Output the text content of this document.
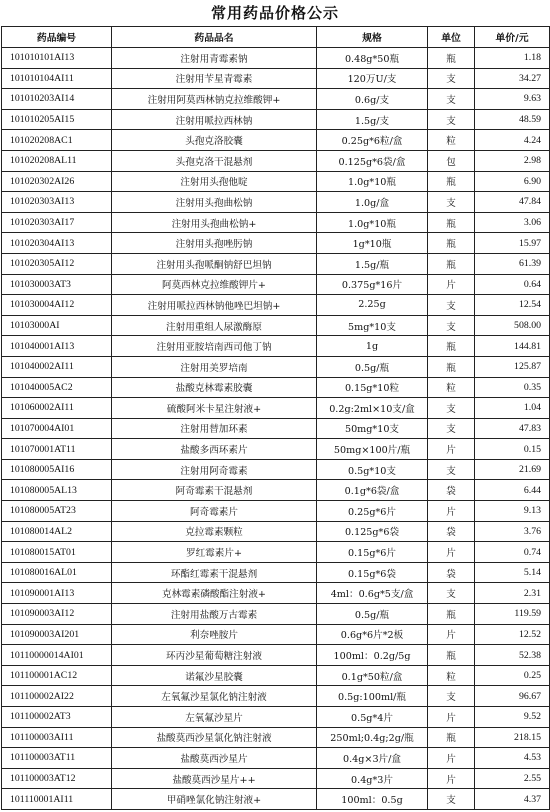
常用药品价格公示
药品编号	药品品名	规格	单位	单价/元
101010101AI13	注射用青霉素钠	0.48g*50瓶	瓶	1.18
101010104AI11	注射用苄星青霉素	120万U/支	支	34.27
101010203AI14	注射用阿莫西林钠克拉维酸钾+	0.6g/支	支	9.63
101010205AI15	注射用哌拉西林钠	1.5g/支	支	48.59
101020208AC1	头孢克洛胶囊	0.25g*6粒/盒	粒	4.24
101020208AL11	头孢克洛干混悬剂	0.125g*6袋/盒	包	2.98
101020302AI26	注射用头孢他啶	1.0g*10瓶	瓶	6.90
101020303AI13	注射用头孢曲松钠	1.0g/盒	支	47.84
101020303AI17	注射用头孢曲松钠+	1.0g*10瓶	瓶	3.06
101020304AI13	注射用头孢唑肟钠	1g*10瓶	瓶	15.97
101020305AI12	注射用头孢哌酮钠舒巴坦钠	1.5g/瓶	瓶	61.39
101030003AT3	阿莫西林克拉维酸钾片+	0.375g*16片	片	0.64
101030004AI12	注射用哌拉西林钠他唑巴坦钠+	2.25g	支	12.54
10103000AI	注射用重组人尿激酶原	5mg*10支	支	508.00
101040001AI13	注射用亚胺培南西司他丁钠	1g	瓶	144.81
101040002AI11	注射用美罗培南	0.5g/瓶	瓶	125.87
101040005AC2	盐酸克林霉素胶囊	0.15g*10粒	粒	0.35
101060002AI11	硫酸阿米卡星注射液+	0.2g:2ml×10支/盒	支	1.04
101070004AI01	注射用替加环素	50mg*10支	支	47.83
101070001AT11	盐酸多西环素片	50mg×100片/瓶	片	0.15
101080005AI16	注射用阿奇霉素	0.5g*10支	支	21.69
101080005AL13	阿奇霉素干混悬剂	0.1g*6袋/盒	袋	6.44
101080005AT23	阿奇霉素片	0.25g*6片	片	9.13
101080014AL2	克拉霉素颗粒	0.125g*6袋	袋	3.76
101080015AT01	罗红霉素片+	0.15g*6片	片	0.74
101080016AL01	环酯红霉素干混悬剂	0.15g*6袋	袋	5.14
101090001AI13	克林霉素磷酸酯注射液+	4ml：0.6g*5支/盒	支	2.31
101090003AI12	注射用盐酸万古霉素	0.5g/瓶	瓶	119.59
101090003AI201	利奈唑胺片	0.6g*6片*2板	片	12.52
10110000014AI01	环丙沙星葡萄糖注射液	100ml：0.2g/5g	瓶	52.38
101100001AC12	诺氟沙星胶囊	0.1g*50粒/盒	粒	0.25
101100002AI22	左氧氟沙星氯化钠注射液	0.5g:100ml/瓶	支	96.67
101100002AT3	左氧氟沙星片	0.5g*4片	片	9.52
101100003AI11	盐酸莫西沙星氯化钠注射液	250ml;0.4g;2g/瓶	瓶	218.15
101100003AT11	盐酸莫西沙星片	0.4g×3片/盒	片	4.53
101100003AT12	盐酸莫西沙星片++	0.4g*3片	片	2.55
101110001AI11	甲硝唑氯化钠注射液+	100ml：0.5g	支	4.37
